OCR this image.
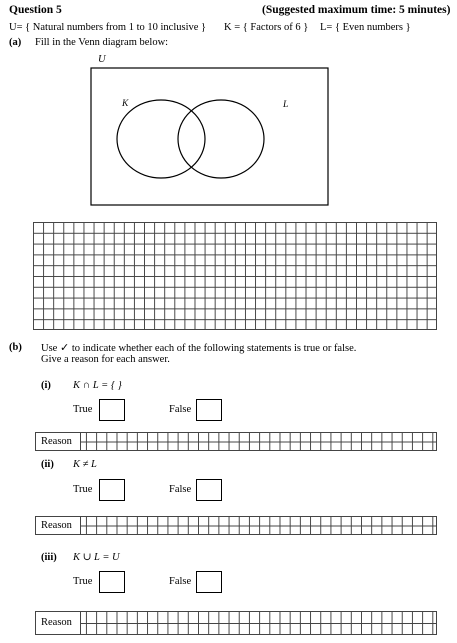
Question 5	(Suggested maximum time: 5 minutes)
U= { Natural numbers from 1 to 10 inclusive } K = { Factors of 6 } L= { Even numbers }
(a) Fill in the Venn diagram below:
U
K	L
(b) Use ✓ to indicate whether each of the following statements is true or false.
Give a reason for each answer.
(i) K ∩ L = { }
True	False
Reason
(ii) K ≠ L
True	False
Reason
(iii) K ∪ L = U
True	False
Reason
